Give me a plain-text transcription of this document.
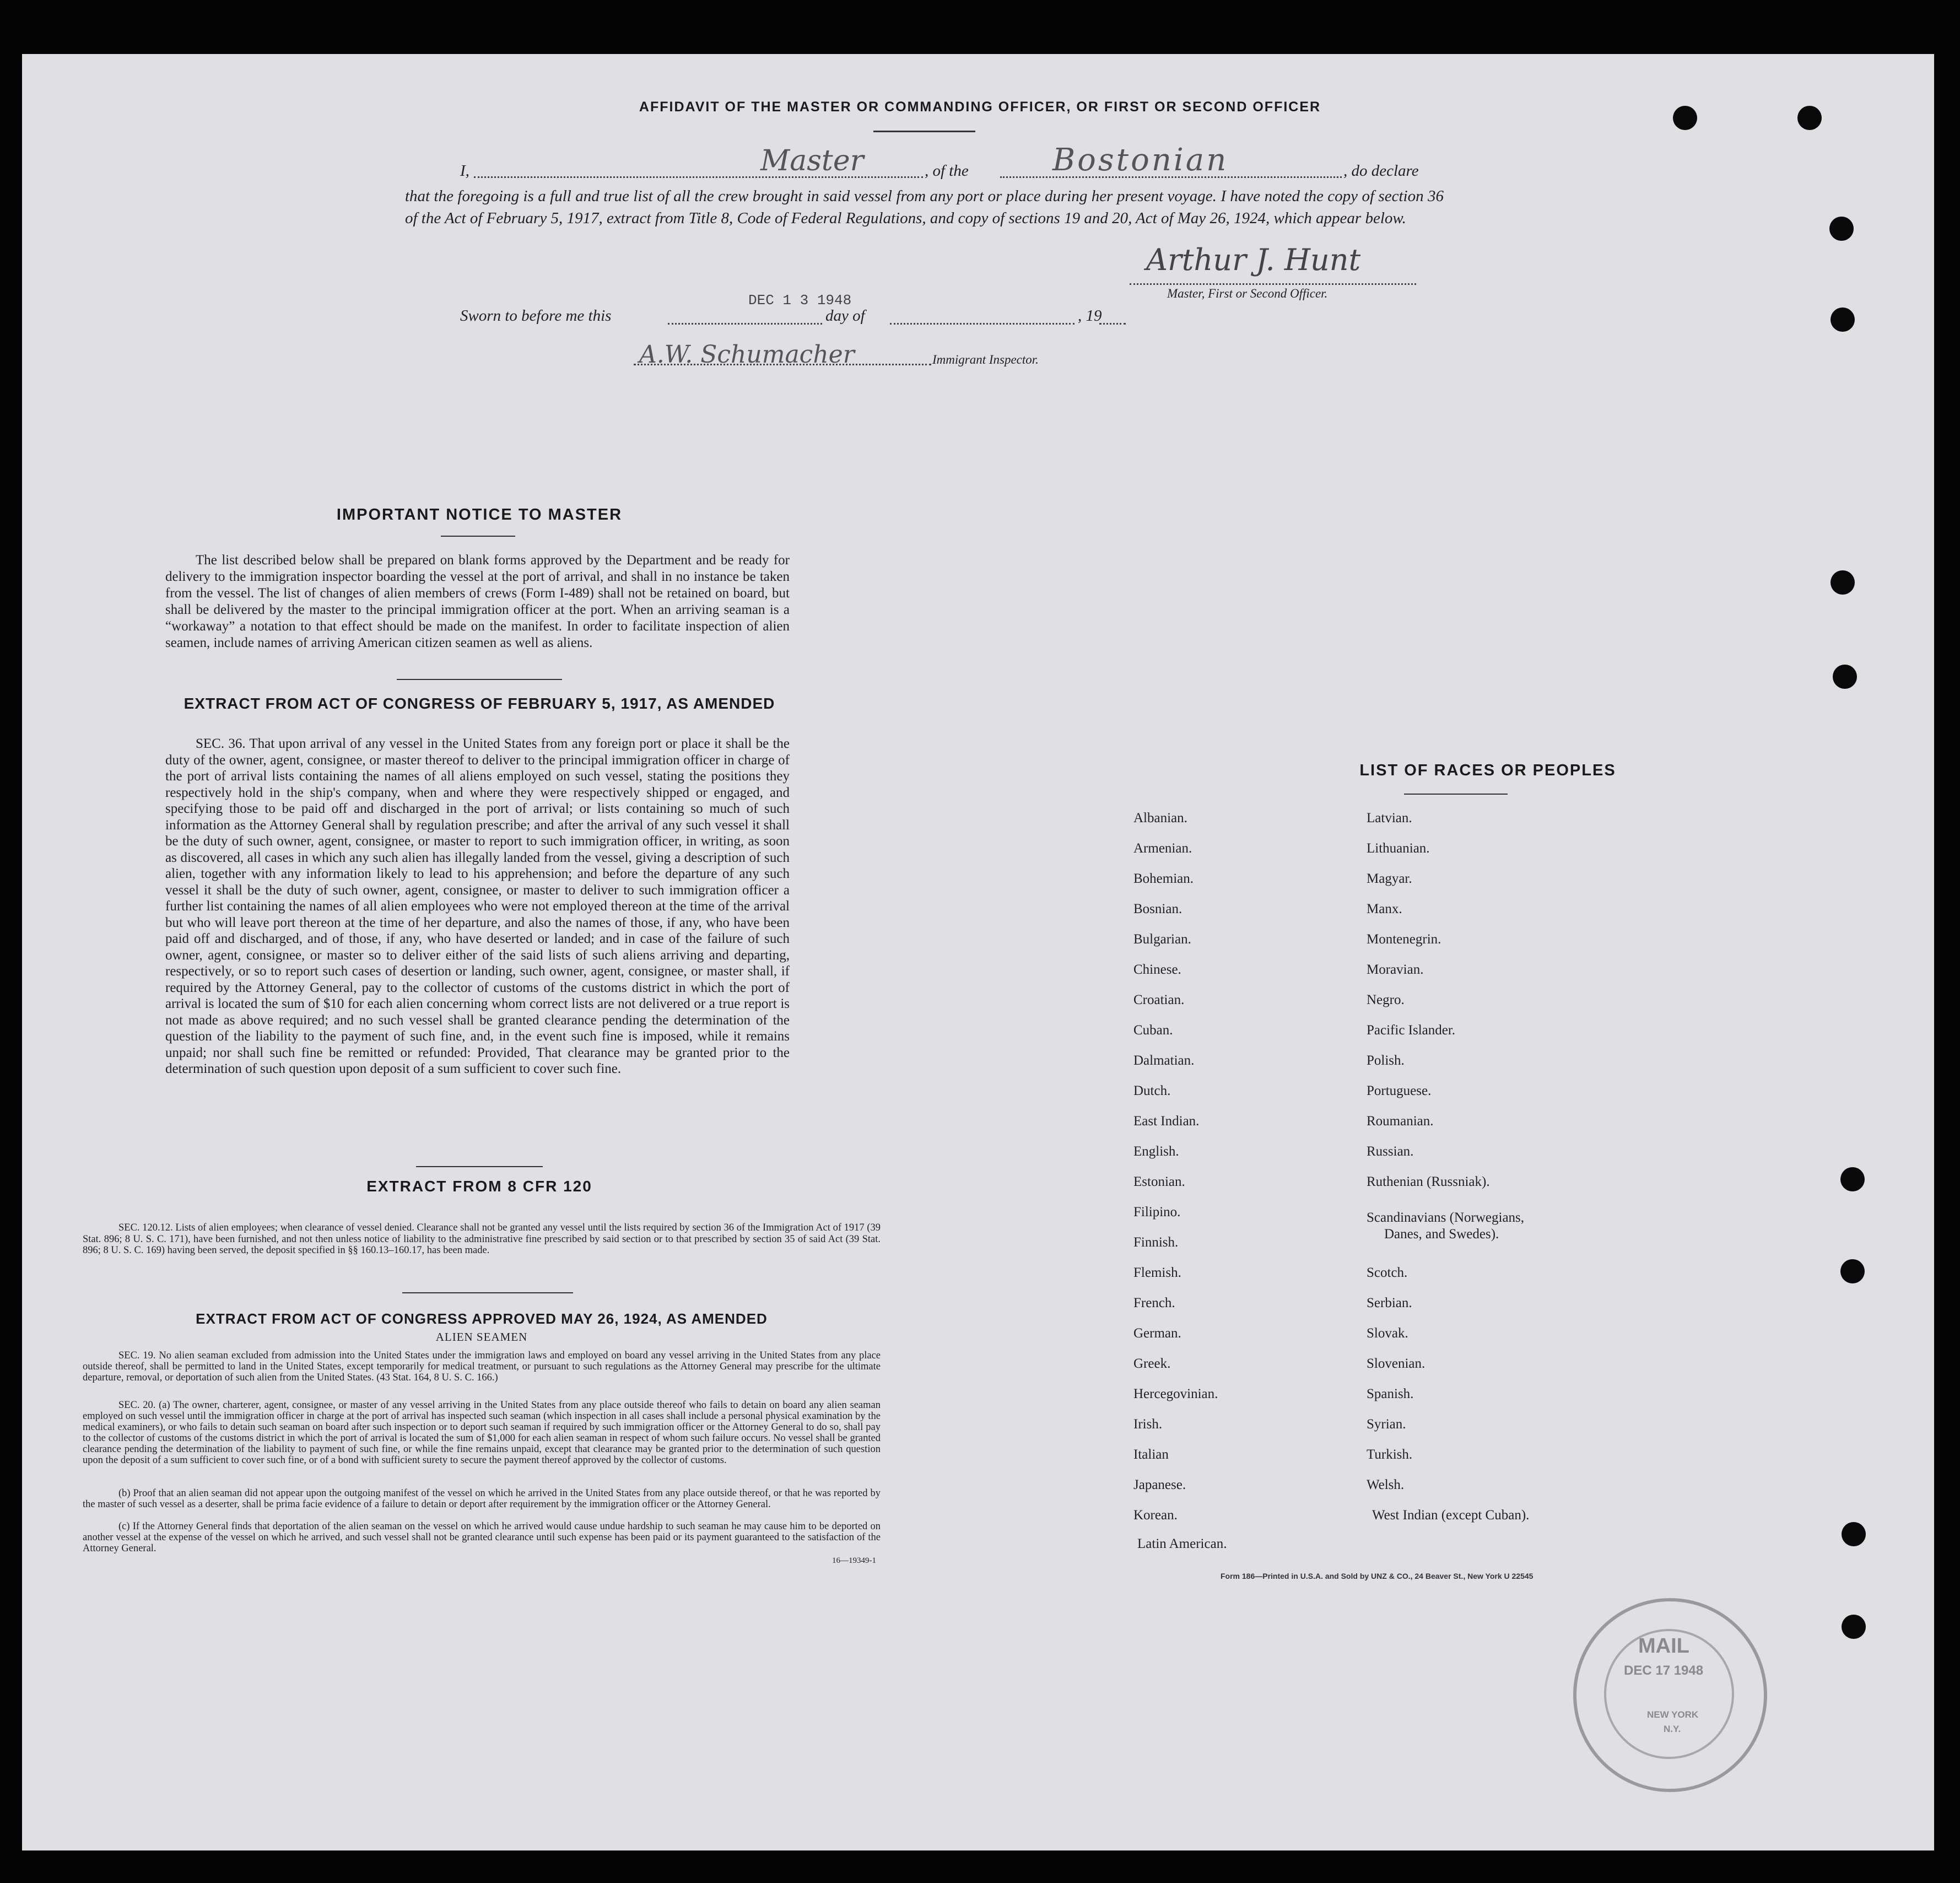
AFFIDAVIT OF THE MASTER OR COMMANDING OFFICER, OR FIRST OR SECOND OFFICER
I,	Master	, of the	Bostonian	, do declare
that the foregoing is a full and true list of all the crew brought in said vessel from any port or place during her present voyage. I have noted the copy of section 36 of the Act of February 5, 1917, extract from Title 8, Code of Federal Regulations, and copy of sections 19 and 20, Act of May 26, 1924, which appear below.
Arthur J. Hunt
Master, First or Second Officer.
Sworn to before me this
DEC 1 3 1948
day of	, 19
A.W. Schumacher	Immigrant Inspector.
IMPORTANT NOTICE TO MASTER
The list described below shall be prepared on blank forms approved by the Department and be ready for delivery to the immigration inspector boarding the vessel at the port of arrival, and shall in no instance be taken from the vessel. The list of changes of alien members of crews (Form I-489) shall not be retained on board, but shall be delivered by the master to the principal immigration officer at the port. When an arriving seaman is a “workaway” a notation to that effect should be made on the manifest. In order to facilitate inspection of alien seamen, include names of arriving American citizen seamen as well as aliens.
EXTRACT FROM ACT OF CONGRESS OF FEBRUARY 5, 1917, AS AMENDED
SEC. 36. That upon arrival of any vessel in the United States from any foreign port or place it shall be the duty of the owner, agent, consignee, or master thereof to deliver to the principal immigration officer in charge of the port of arrival lists containing the names of all aliens employed on such vessel, stating the positions they respectively hold in the ship's company, when and where they were respectively shipped or engaged, and specifying those to be paid off and discharged in the port of arrival; or lists containing so much of such information as the Attorney General shall by regulation prescribe; and after the arrival of any such vessel it shall be the duty of such owner, agent, consignee, or master to report to such immigration officer, in writing, as soon as discovered, all cases in which any such alien has illegally landed from the vessel, giving a description of such alien, together with any information likely to lead to his apprehension; and before the departure of any such vessel it shall be the duty of such owner, agent, consignee, or master to deliver to such immigration officer a further list containing the names of all alien employees who were not employed thereon at the time of the arrival but who will leave port thereon at the time of her departure, and also the names of those, if any, who have been paid off and discharged, and of those, if any, who have deserted or landed; and in case of the failure of such owner, agent, consignee, or master so to deliver either of the said lists of such aliens arriving and departing, respectively, or so to report such cases of desertion or landing, such owner, agent, consignee, or master shall, if required by the Attorney General, pay to the collector of customs of the customs district in which the port of arrival is located the sum of $10 for each alien concerning whom correct lists are not delivered or a true report is not made as above required; and no such vessel shall be granted clearance pending the determination of the question of the liability to the payment of such fine, and, in the event such fine is imposed, while it remains unpaid; nor shall such fine be remitted or refunded: Provided, That clearance may be granted prior to the determination of such question upon deposit of a sum sufficient to cover such fine.
EXTRACT FROM 8 CFR 120
SEC. 120.12. Lists of alien employees; when clearance of vessel denied. Clearance shall not be granted any vessel until the lists required by section 36 of the Immigration Act of 1917 (39 Stat. 896; 8 U. S. C. 171), have been furnished, and not then unless notice of liability to the administrative fine prescribed by said section or to that prescribed by section 35 of said Act (39 Stat. 896; 8 U. S. C. 169) having been served, the deposit specified in §§ 160.13–160.17, has been made.
EXTRACT FROM ACT OF CONGRESS APPROVED MAY 26, 1924, AS AMENDED
ALIEN SEAMEN
SEC. 19. No alien seaman excluded from admission into the United States under the immigration laws and employed on board any vessel arriving in the United States from any place outside thereof, shall be permitted to land in the United States, except temporarily for medical treatment, or pursuant to such regulations as the Attorney General may prescribe for the ultimate departure, removal, or deportation of such alien from the United States. (43 Stat. 164, 8 U. S. C. 166.)
SEC. 20. (a) The owner, charterer, agent, consignee, or master of any vessel arriving in the United States from any place outside thereof who fails to detain on board any alien seaman employed on such vessel until the immigration officer in charge at the port of arrival has inspected such seaman (which inspection in all cases shall include a personal physical examination by the medical examiners), or who fails to detain such seaman on board after such inspection or to deport such seaman if required by such immigration officer or the Attorney General to do so, shall pay to the collector of customs of the customs district in which the port of arrival is located the sum of $1,000 for each alien seaman in respect of whom such failure occurs. No vessel shall be granted clearance pending the determination of the liability to payment of such fine, or while the fine remains unpaid, except that clearance may be granted prior to the determination of such question upon the deposit of a sum sufficient to cover such fine, or of a bond with sufficient surety to secure the payment thereof approved by the collector of customs.
(b) Proof that an alien seaman did not appear upon the outgoing manifest of the vessel on which he arrived in the United States from any place outside thereof, or that he was reported by the master of such vessel as a deserter, shall be prima facie evidence of a failure to detain or deport after requirement by the immigration officer or the Attorney General.
(c) If the Attorney General finds that deportation of the alien seaman on the vessel on which he arrived would cause undue hardship to such seaman he may cause him to be deported on another vessel at the expense of the vessel on which he arrived, and such vessel shall not be granted clearance until such expense has been paid or its payment guaranteed to the satisfaction of the Attorney General.
16—19349-1
LIST OF RACES OR PEOPLES
Albanian.
Armenian.
Bohemian.
Bosnian.
Bulgarian.
Chinese.
Croatian.
Cuban.
Dalmatian.
Dutch.
East Indian.
English.
Estonian.
Filipino.
Finnish.
Flemish.
French.
German.
Greek.
Hercegovinian.
Irish.
Italian
Japanese.
Korean.
Latin American.
Latvian.
Lithuanian.
Magyar.
Manx.
Montenegrin.
Moravian.
Negro.
Pacific Islander.
Polish.
Portuguese.
Roumanian.
Russian.
Ruthenian (Russniak).
Scandinavians (Norwegians,
Danes, and Swedes).
Scotch.
Serbian.
Slovak.
Slovenian.
Spanish.
Syrian.
Turkish.
Welsh.
West Indian (except Cuban).
Form 186—Printed in U.S.A. and Sold by UNZ & CO., 24 Beaver St., New York U 22545
MAIL
DEC 17 1948
NEW YORK
N.Y.
